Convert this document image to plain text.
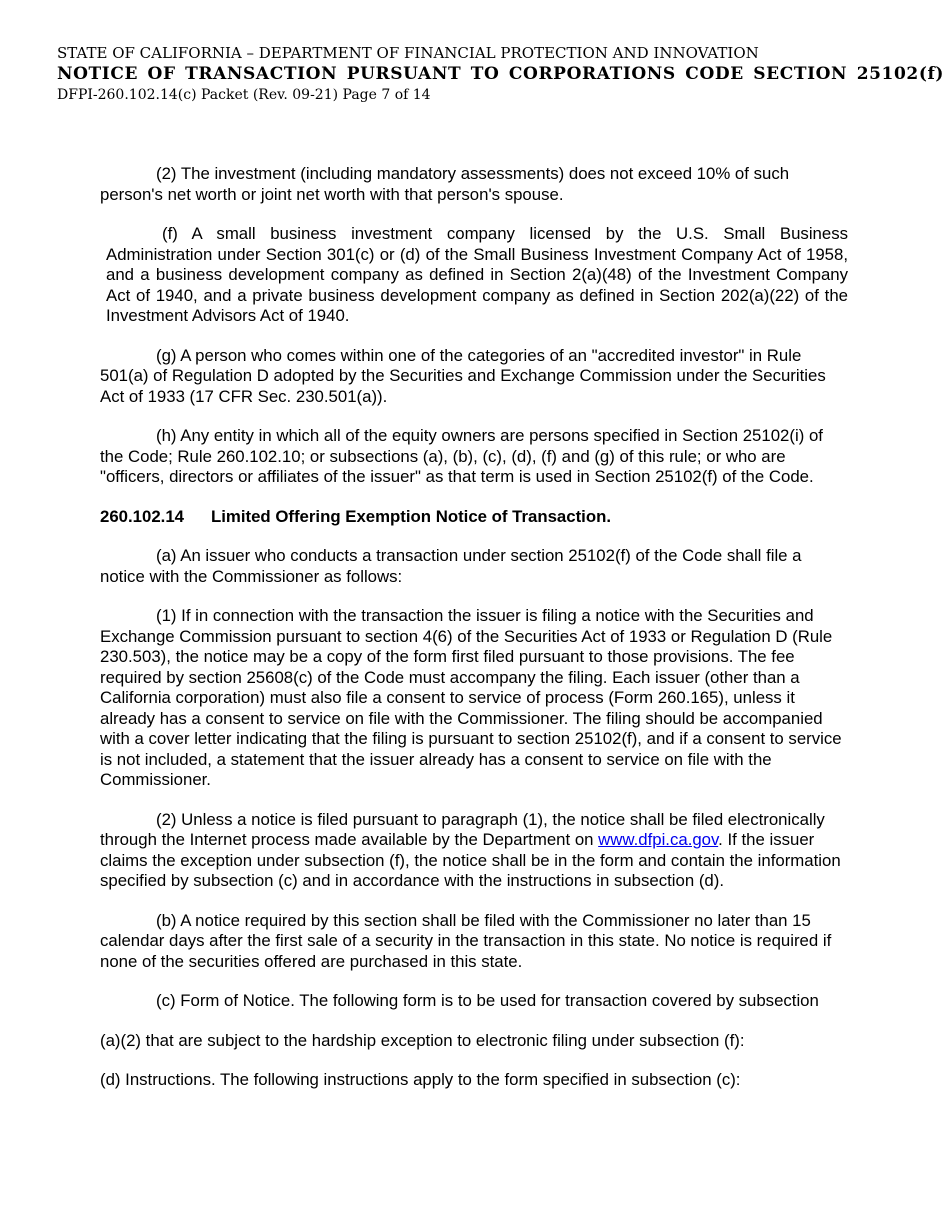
STATE OF CALIFORNIA – DEPARTMENT OF FINANCIAL PROTECTION AND INNOVATION
NOTICE OF TRANSACTION PURSUANT TO CORPORATIONS CODE SECTION 25102(f)
DFPI-260.102.14(c) Packet (Rev. 09-21) Page 7 of 14

(2) The investment (including mandatory assessments) does not exceed 10% of such person's net worth or joint net worth with that person's spouse.

(f) A small business investment company licensed by the U.S. Small Business Administration under Section 301(c) or (d) of the Small Business Investment Company Act of 1958, and a business development company as defined in Section 2(a)(48) of the Investment Company Act of 1940, and a private business development company as defined in Section 202(a)(22) of the Investment Advisors Act of 1940.

(g) A person who comes within one of the categories of an "accredited investor" in Rule 501(a) of Regulation D adopted by the Securities and Exchange Commission under the Securities Act of 1933 (17 CFR Sec. 230.501(a)).

(h) Any entity in which all of the equity owners are persons specified in Section 25102(i) of the Code; Rule 260.102.10; or subsections (a), (b), (c), (d), (f) and (g) of this rule; or who are "officers, directors or affiliates of the issuer" as that term is used in Section 25102(f) of the Code.

260.102.14 Limited Offering Exemption Notice of Transaction.

(a) An issuer who conducts a transaction under section 25102(f) of the Code shall file a notice with the Commissioner as follows:

(1) If in connection with the transaction the issuer is filing a notice with the Securities and Exchange Commission pursuant to section 4(6) of the Securities Act of 1933 or Regulation D (Rule 230.503), the notice may be a copy of the form first filed pursuant to those provisions. The fee required by section 25608(c) of the Code must accompany the filing. Each issuer (other than a California corporation) must also file a consent to service of process (Form 260.165), unless it already has a consent to service on file with the Commissioner. The filing should be accompanied with a cover letter indicating that the filing is pursuant to section 25102(f), and if a consent to service is not included, a statement that the issuer already has a consent to service on file with the Commissioner.

(2) Unless a notice is filed pursuant to paragraph (1), the notice shall be filed electronically through the Internet process made available by the Department on www.dfpi.ca.gov. If the issuer claims the exception under subsection (f), the notice shall be in the form and contain the information specified by subsection (c) and in accordance with the instructions in subsection (d).

(b) A notice required by this section shall be filed with the Commissioner no later than 15 calendar days after the first sale of a security in the transaction in this state. No notice is required if none of the securities offered are purchased in this state.

(c) Form of Notice. The following form is to be used for transaction covered by subsection

(a)(2) that are subject to the hardship exception to electronic filing under subsection (f):

(d) Instructions. The following instructions apply to the form specified in subsection (c):
